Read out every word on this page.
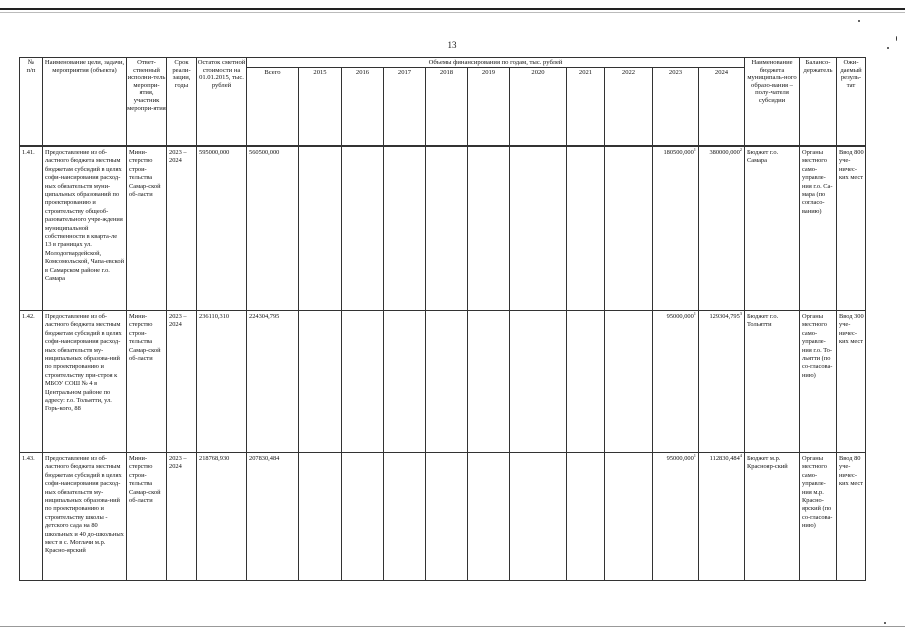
13
№
п/п	Наименование цели, задачи, мероприятия (объекта)	Ответ-ственный исполни-тель меропри-ятия, участник меропри-ятия	Срок реали-зации, годы	Остаток сметной стоимости на 01.01.2015, тыс. рублей	Объемы финансирования по годам, тыс. рублей											Наименование бюджета муниципаль-ного образо-вания – полу-чателя субсидии	Балансо-держатель	Ожи-даемый резуль-тат
					Всего	2015	2016	2017	2018	2019	2020	2021	2022	2023	2024			
1.41.	Предоставление из об-ластного бюджета местным бюджетам субсидий в целях софи-нансирования расход-ных обязательств муни-ципальных образований по проектированию и строительству общеоб-разовательного учре-ждения муниципальной собственности в кварта-ле 13 в границах ул. Молодогвардейской, Комсомольской, Чапа-евской в Самарском районе г.о. Самара	Мини-стерство строи-тельства Самар-ской об-ласти	2023 – 2024	595000,000	560500,000									180500,000$^1$	380000,000$^2$	Бюджет г.о. Самара	Органы местного само-управле-ния г.о. Са-мара (по согласо-ванию)	Ввод 800 уче-ничес-ких мест
1.42.	Предоставление из об-ластного бюджета местным бюджетам субсидий в целях софи-нансирования расход-ных обязательств му-ниципальных образова-ний по проектированию и строительству при-строя к МБОУ СОШ № 4 в Центральном районе по адресу: г.о. Тольятти, ул. Горь-кого, 88	Мини-стерство строи-тельства Самар-ской об-ласти	2023 – 2024	236110,310	224304,795									95000,000$^1$	129304,795$^3$	Бюджет г.о. Тольятти	Органы местного само-управле-ния г.о. То-льятти (по со-гласова-нию)	Ввод 300 уче-ничес-ких мест
1.43.	Предоставление из об-ластного бюджета местным бюджетам субсидий в целях софи-нансирования расход-ных обязательств му-ниципальных образова-ний по проектированию и строительству школы - детского сада на 80 школьных и 40 до-школьных мест в с. Моглачи м.р. Красно-ярский	Мини-стерство строи-тельства Самар-ской об-ласти	2023 – 2024	218768,930	207830,484									95000,000$^1$	112830,484$^4$	Бюджет м.р. Краснояр-ский	Органы местного само-управле-ния м.р. Красно-ярский (по со-гласова-нию)	Ввод 80 уче-ничес-ких мест
